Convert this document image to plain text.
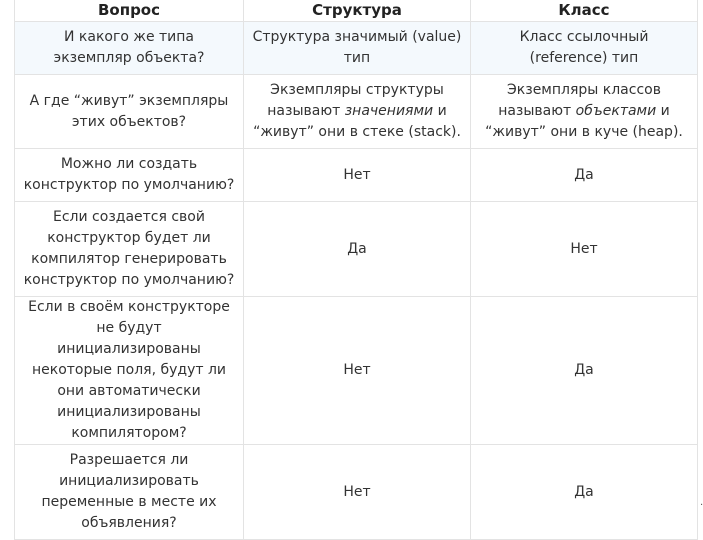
Вопрос	Структура	Класс
И какого же типа экземпляр объекта?	Структура значимый (value) тип	Класс ссылочный (reference) тип
А где “живут” экземпляры этих объектов?	Экземпляры структуры называют значениями и “живут” они в стеке (stack).	Экземпляры классов называют объектами и “живут” они в куче (heap).
Можно ли создать конструктор по умолчанию?	Нет	Да
Если создается свой конструктор будет ли компилятор генерировать конструктор по умолчанию?	Да	Нет
Если в своём конструкторе не будут инициализированы некоторые поля, будут ли они автоматически инициализированы компилятором?	Нет	Да
Разрешается ли инициализировать переменные в месте их объявления?	Нет	Да
·
